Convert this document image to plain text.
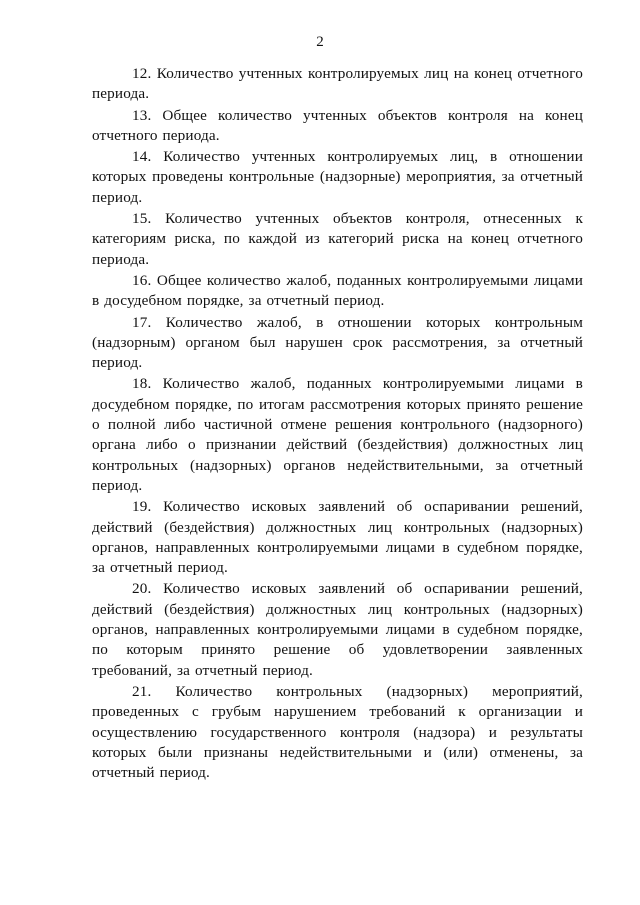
2

12. Количество учтенных контролируемых лиц на конец отчетного периода.

13. Общее количество учтенных объектов контроля на конец отчетного периода.

14. Количество учтенных контролируемых лиц, в отношении которых проведены контрольные (надзорные) мероприятия, за отчетный период.

15. Количество учтенных объектов контроля, отнесенных к категориям риска, по каждой из категорий риска на конец отчетного периода.

16. Общее количество жалоб, поданных контролируемыми лицами в досудебном порядке, за отчетный период.

17. Количество жалоб, в отношении которых контрольным (надзорным) органом был нарушен срок рассмотрения, за отчетный период.

18. Количество жалоб, поданных контролируемыми лицами в досудебном порядке, по итогам рассмотрения которых принято решение о полной либо частичной отмене решения контрольного (надзорного) органа либо о признании действий (бездействия) должностных лиц контрольных (надзорных) органов недействительными, за отчетный период.

19. Количество исковых заявлений об оспаривании решений, действий (бездействия) должностных лиц контрольных (надзорных) органов, направленных контролируемыми лицами в судебном порядке, за отчетный период.

20. Количество исковых заявлений об оспаривании решений, действий (бездействия) должностных лиц контрольных (надзорных) органов, направленных контролируемыми лицами в судебном порядке, по которым принято решение об удовлетворении заявленных требований, за отчетный период.

21. Количество контрольных (надзорных) мероприятий, проведенных с грубым нарушением требований к организации и осуществлению государственного контроля (надзора) и результаты которых были признаны недействительными и (или) отменены, за отчетный период.
